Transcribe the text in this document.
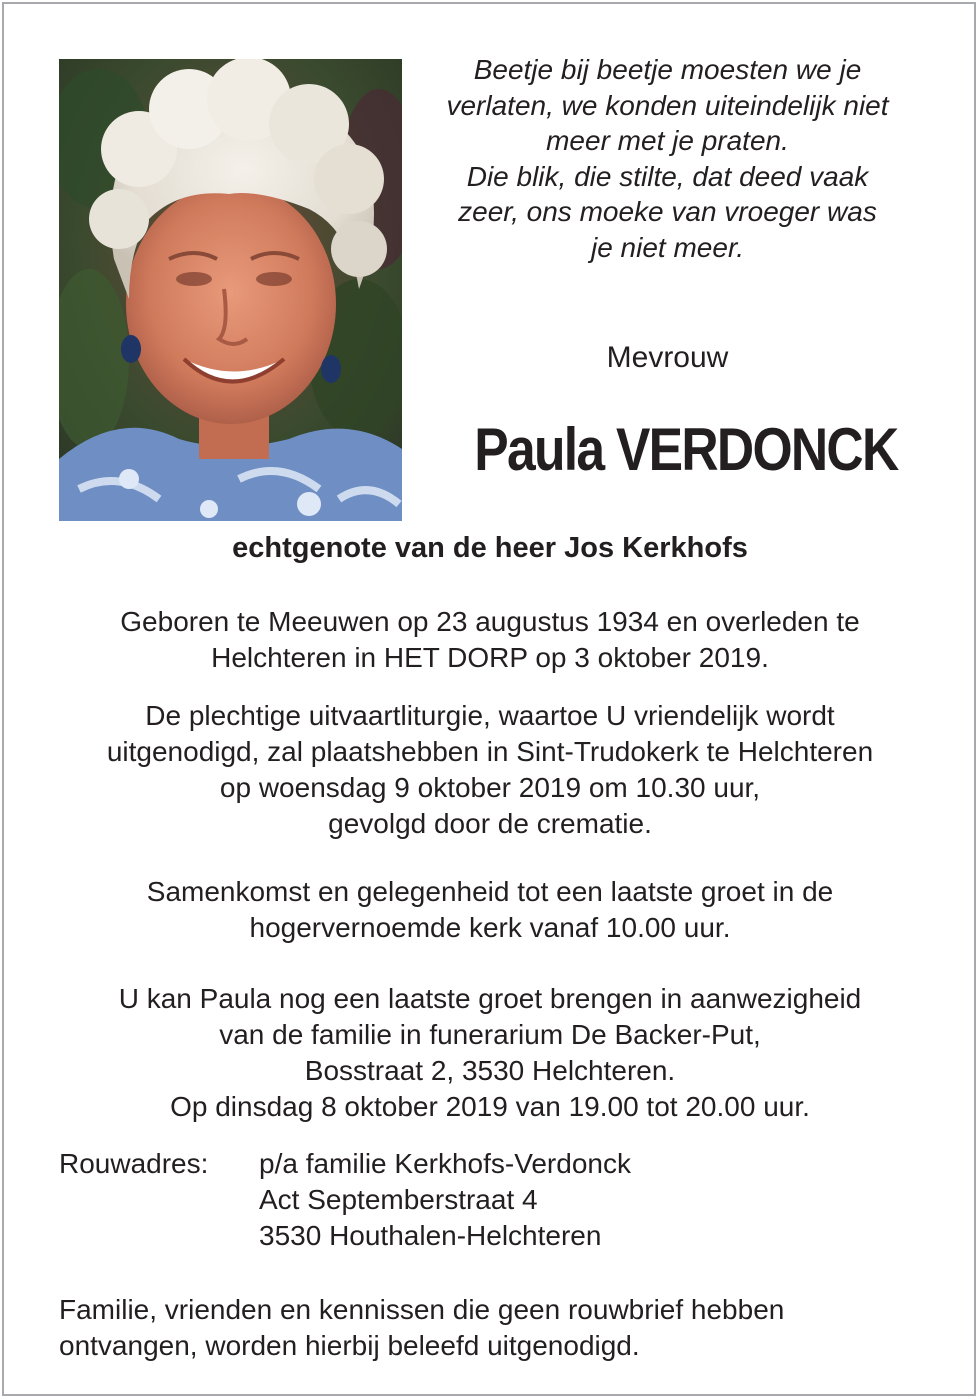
Beetje bij beetje moesten we je
verlaten, we konden uiteindelijk niet
meer met je praten.
Die blik, die stilte, dat deed vaak
zeer, ons moeke van vroeger was
je niet meer.
Mevrouw
Paula VERDONCK
echtgenote van de heer Jos Kerkhofs
Geboren te Meeuwen op 23 augustus 1934 en overleden te
Helchteren in HET DORP op 3 oktober 2019.
De plechtige uitvaartliturgie, waartoe U vriendelijk wordt
uitgenodigd, zal plaatshebben in Sint-Trudokerk te Helchteren
op woensdag 9 oktober 2019 om 10.30 uur,
gevolgd door de crematie.
Samenkomst en gelegenheid tot een laatste groet in de
hogervernoemde kerk vanaf 10.00 uur.
U kan Paula nog een laatste groet brengen in aanwezigheid
van de familie in funerarium De Backer-Put,
Bosstraat 2, 3530 Helchteren.
Op dinsdag 8 oktober 2019 van 19.00 tot 20.00 uur.
Rouwadres: p/a familie Kerkhofs-Verdonck
Act Septemberstraat 4
3530 Houthalen-Helchteren
Familie, vrienden en kennissen die geen rouwbrief hebben
ontvangen, worden hierbij beleefd uitgenodigd.
